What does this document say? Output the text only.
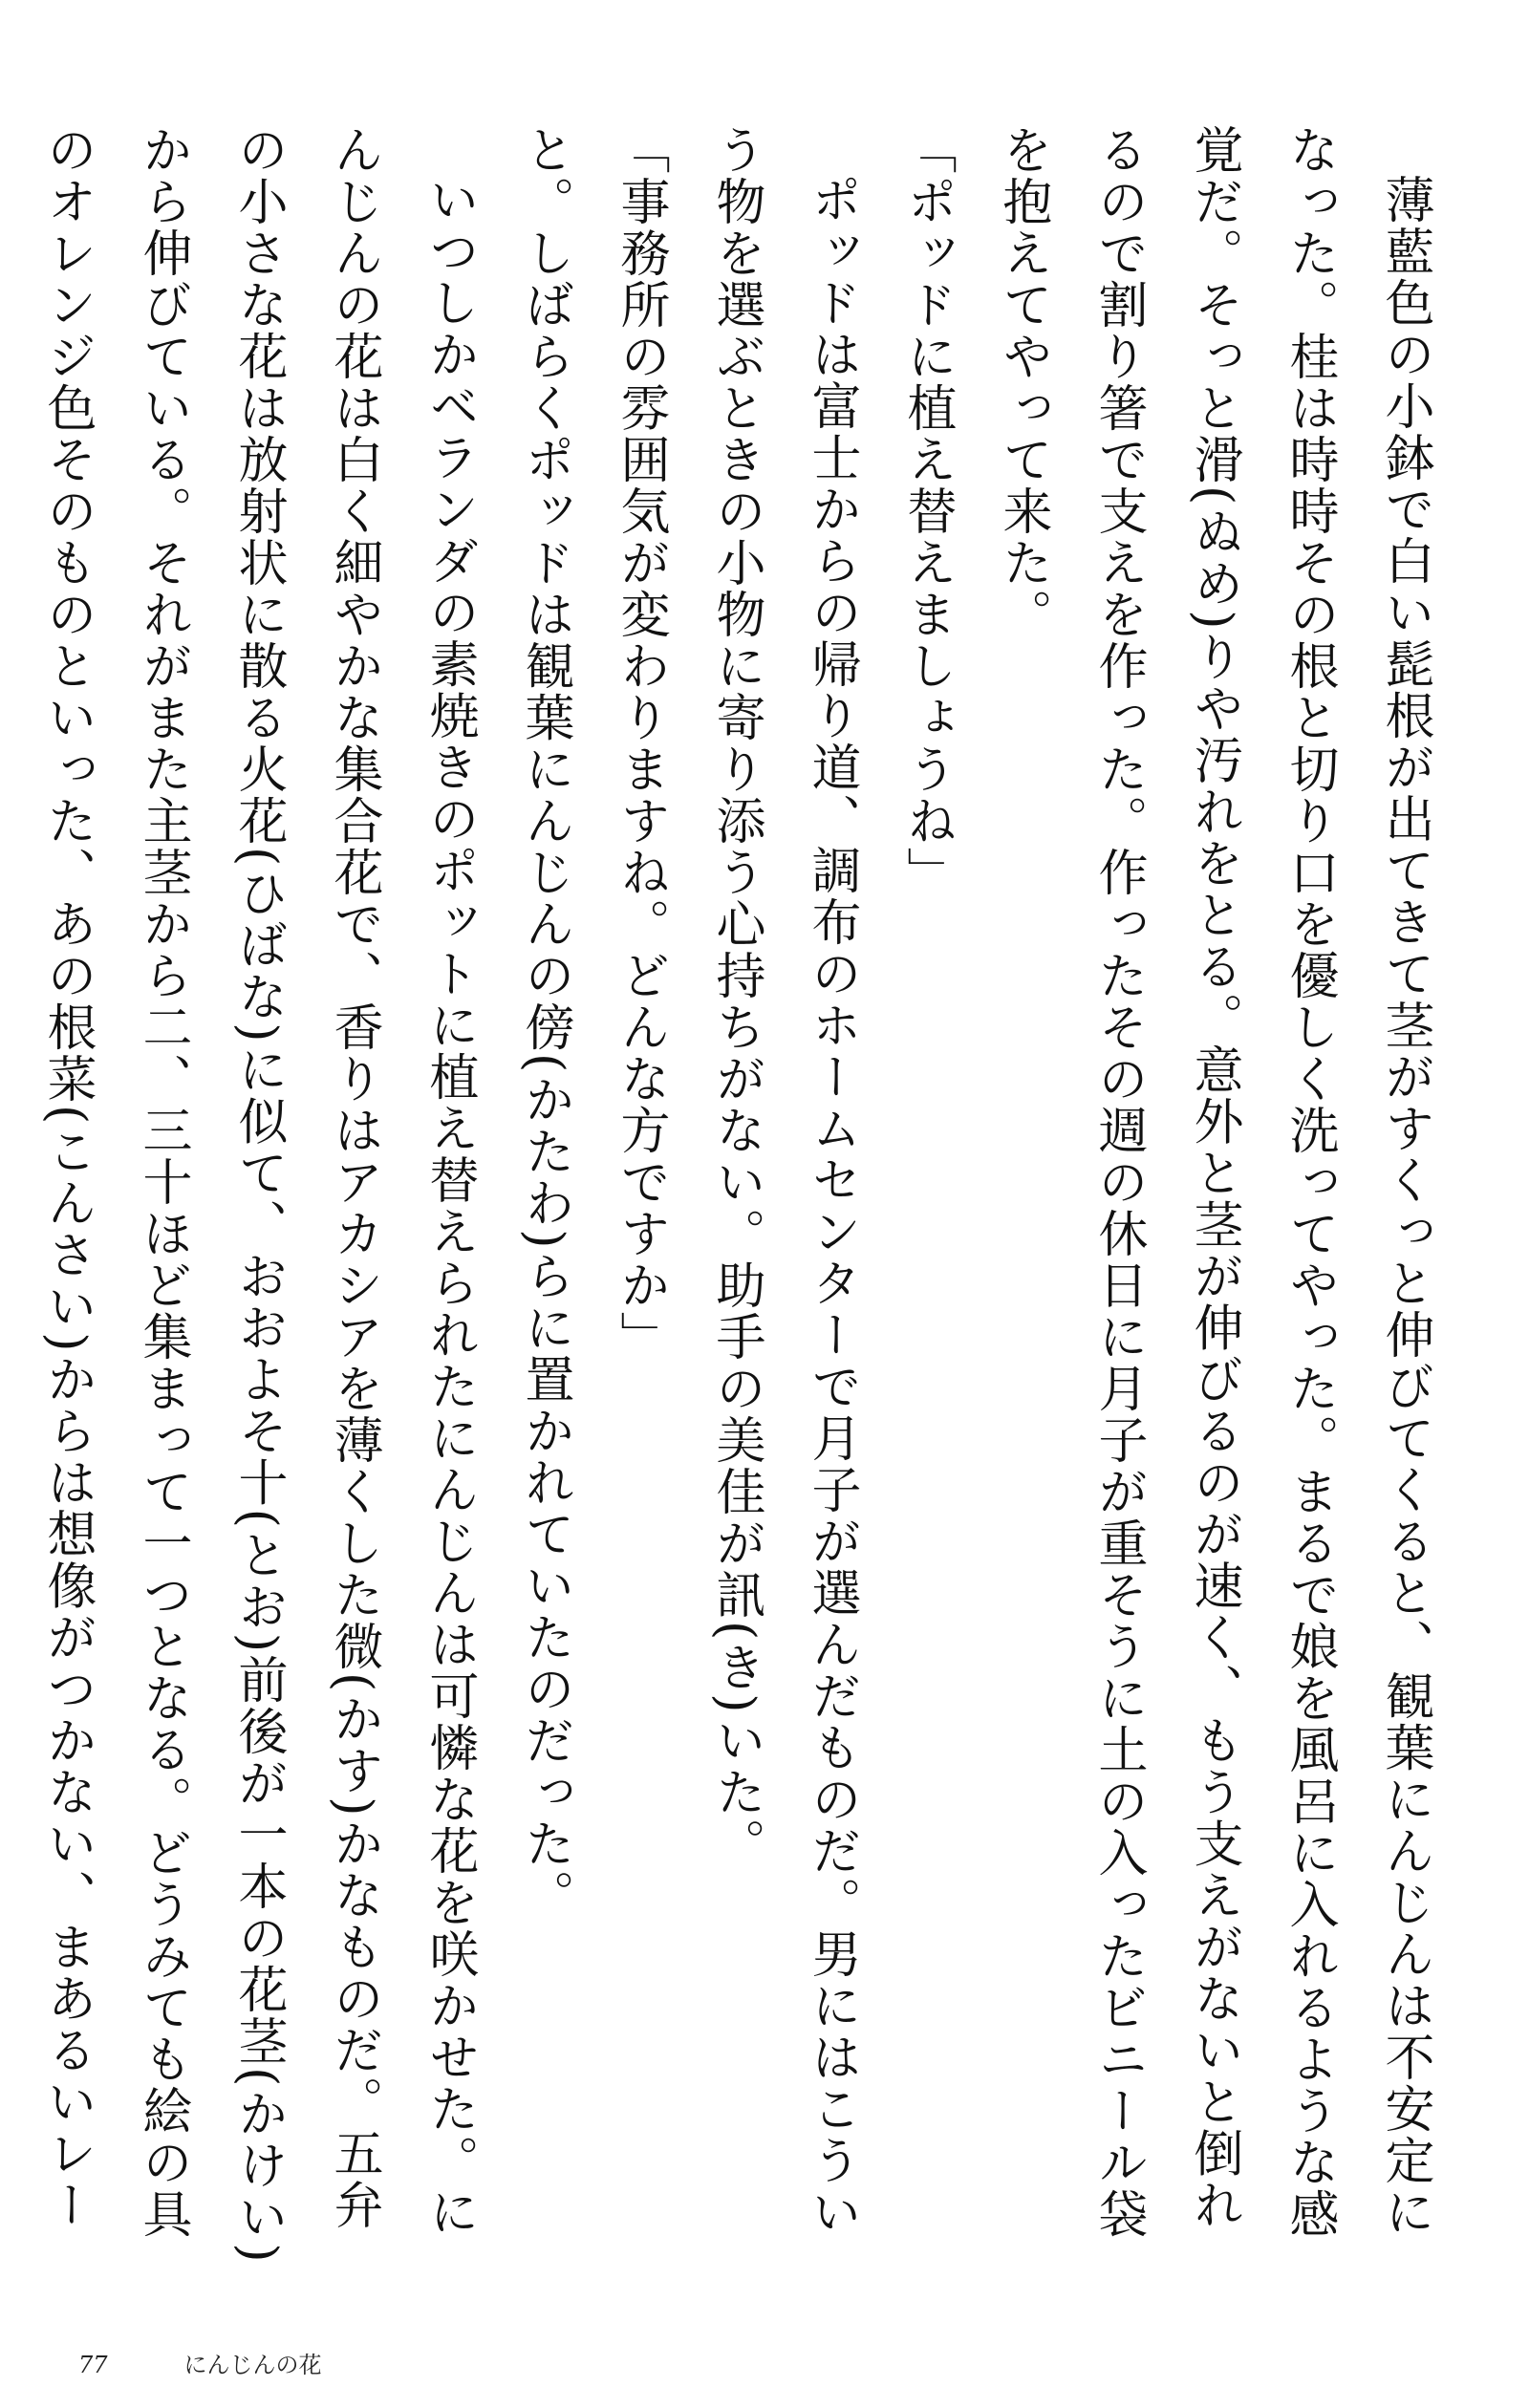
薄藍色の小鉢で白い髭根が出てきて茎がすくっと伸びてくると、観葉にんじんは不安定になった。桂は時時その根と切り口を優しく洗ってやった。まるで娘を風呂に入れるような感覚だ。そっと滑(ぬめ)りや汚れをとる。意外と茎が伸びるのが速く、もう支えがないと倒れるので割り箸で支えを作った。作ったその週の休日に月子が重そうに土の入ったビニール袋を抱えてやって来た。

「ポッドに植え替えましょうね」

ポッドは富士からの帰り道、調布のホームセンターで月子が選んだものだ。男にはこういう物を選ぶときの小物に寄り添う心持ちがない。助手の美佳が訊(き)いた。

「事務所の雰囲気が変わりますね。どんな方ですか」

と。しばらくポッドは観葉にんじんの傍(かたわ)らに置かれていたのだった。

いつしかベランダの素焼きのポットに植え替えられたにんじんは可憐な花を咲かせた。にんじんの花は白く細やかな集合花で、香りはアカシアを薄くした微(かす)かなものだ。五弁の小さな花は放射状に散る火花(ひばな)に似て、おおよそ十(とお)前後が一本の花茎(かけい)から伸びている。それがまた主茎から二、三十ほど集まって一つとなる。どうみても絵の具のオレンジ色そのものといった、あの根菜(こんさい)からは想像がつかない、まあるいレー

77	にんじんの花
